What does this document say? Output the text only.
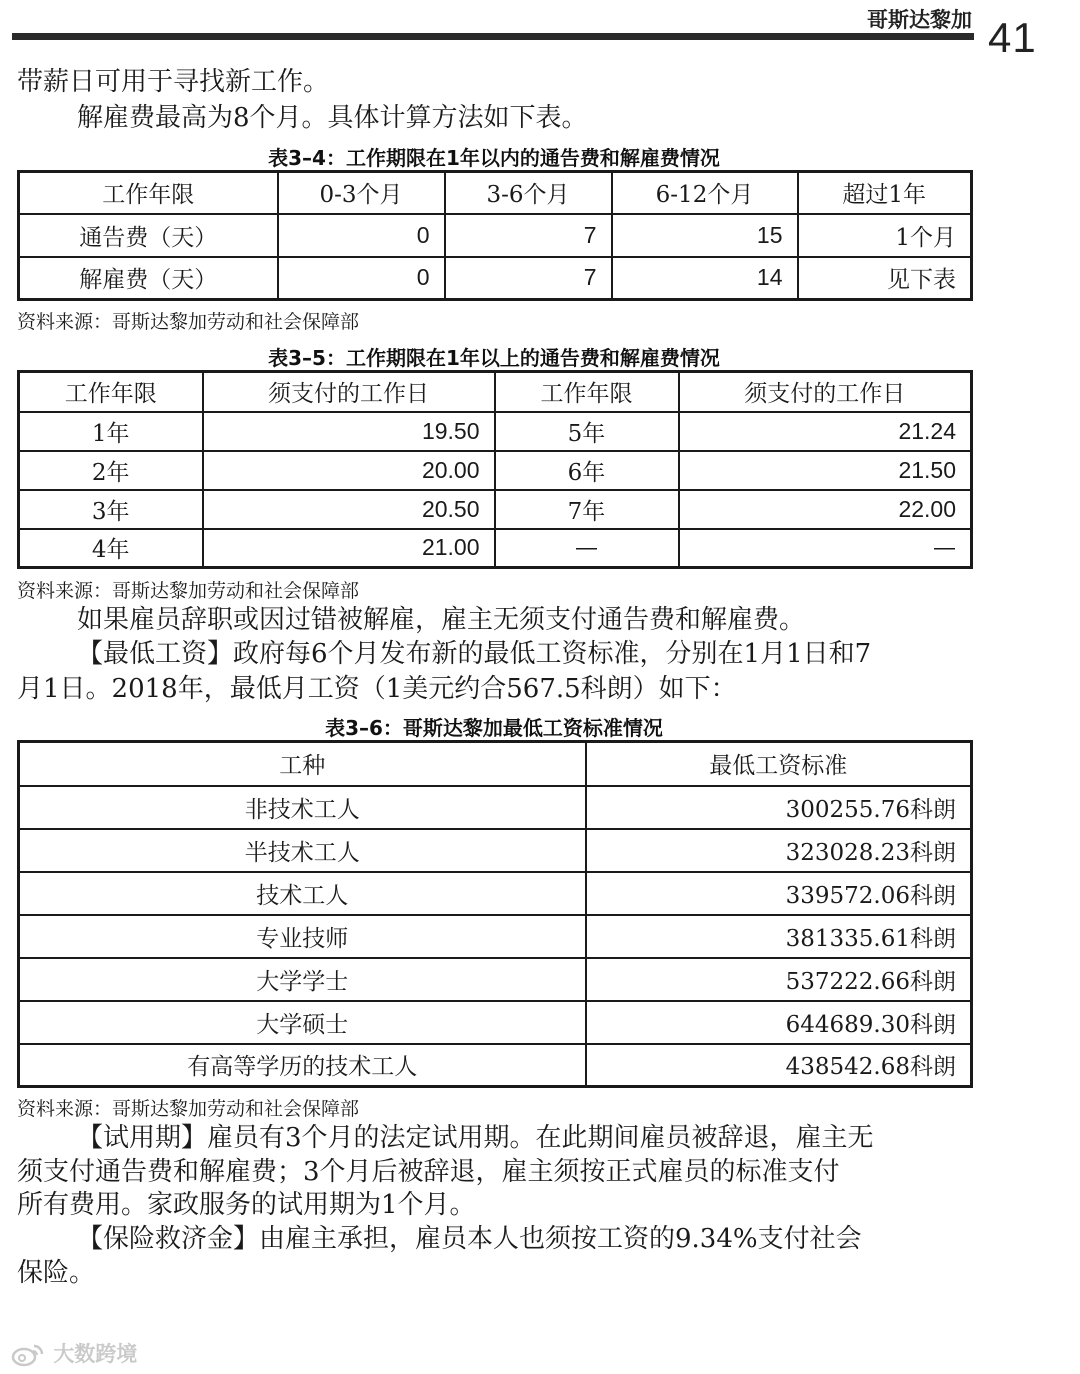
哥斯达黎加 41

带薪日可用于寻找新工作。

解雇费最高为8个月。具体计算方法如下表。

表3–4：工作期限在1年以内的通告费和解雇费情况
工作年限	0-3个月	3-6个月	6-12个月	超过1年
通告费（天）	0	7	15	1个月
解雇费（天）	0	7	14	见下表
资料来源：哥斯达黎加劳动和社会保障部
表3–5：工作期限在1年以上的通告费和解雇费情况
工作年限	须支付的工作日	工作年限	须支付的工作日
1年	19.50	5年	21.24
2年	20.00	6年	21.50
3年	20.50	7年	22.00
4年	21.00	—	—
资料来源：哥斯达黎加劳动和社会保障部

如果雇员辞职或因过错被解雇，雇主无须支付通告费和解雇费。

【最低工资】政府每6个月发布新的最低工资标准，分别在1月1日和7

月1日。2018年，最低月工资（1美元约合567.5科朗）如下：

表3–6：哥斯达黎加最低工资标准情况
工种	最低工资标准
非技术工人	300255.76科朗
半技术工人	323028.23科朗
技术工人	339572.06科朗
专业技师	381335.61科朗
大学学士	537222.66科朗
大学硕士	644689.30科朗
有高等学历的技术工人	438542.68科朗
资料来源：哥斯达黎加劳动和社会保障部

【试用期】雇员有3个月的法定试用期。在此期间雇员被辞退，雇主无

须支付通告费和解雇费；3个月后被辞退，雇主须按正式雇员的标准支付

所有费用。家政服务的试用期为1个月。

【保险救济金】由雇主承担，雇员本人也须按工资的9.34%支付社会

保险。

大数跨境
